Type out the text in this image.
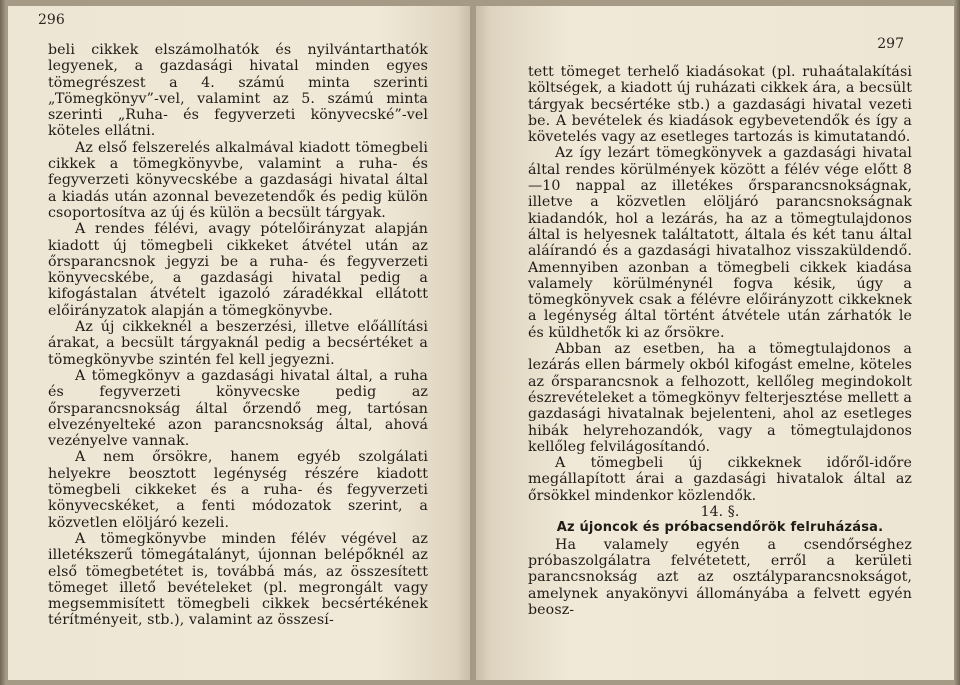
296

beli cikkek elszámolhatók és nyilvántarthatók legyenek, a gazdasági hivatal minden egyes tömegrészest a 4. számú minta szerinti „Tömegkönyv”-vel, valamint az 5. számú minta szerinti „Ruha- és fegyverzeti könyvecské”-vel köteles ellátni.

Az első felszerelés alkalmával kiadott tömegbeli cikkek a tömegkönyvbe, valamint a ruha- és fegyverzeti könyvecskébe a gazdasági hivatal által a kiadás után azonnal bevezetendők és pedig külön csoportosítva az új és külön a becsült tárgyak.

A rendes félévi, avagy pótelőirányzat alapján kiadott új tömegbeli cikkeket átvétel után az őrsparancsnok jegyzi be a ruha- és fegyverzeti könyvecskébe, a gazdasági hivatal pedig a kifogástalan átvételt igazoló záradékkal ellátott előirányzatok alapján a tömegkönyvbe.

Az új cikkeknél a beszerzési, illetve előállítási árakat, a becsült tárgyaknál pedig a becsértéket a tömegkönyvbe szintén fel kell jegyezni.

A tömegkönyv a gazdasági hivatal által, a ruha és fegyverzeti könyvecske pedig az őrsparancsnokság által őrzendő meg, tartósan elvezényelteké azon parancsnokság által, ahová vezényelve vannak.

A nem őrsökre, hanem egyéb szolgálati helyekre beosztott legénység részére kiadott tömegbeli cikkeket és a ruha- és fegyverzeti könyvecskéket, a fenti módozatok szerint, a közvetlen elöljáró kezeli.

A tömegkönyvbe minden félév végével az illetékszerű tömegátalányt, újonnan belépőknél az első tömegbetétet is, továbbá más, az összesített tömeget illető bevételeket (pl. megrongált vagy megsemmisített tömegbeli cikkek becsértékének térítményeit, stb.), valamint az összesí-

297

tett tömeget terhelő kiadásokat (pl. ruhaátalakítási költségek, a kiadott új ruházati cikkek ára, a becsült tárgyak becsértéke stb.) a gazdasági hivatal vezeti be. A bevételek és kiadások egybevetendők és így a követelés vagy az esetleges tartozás is kimutatandó.

Az így lezárt tömegkönyvek a gazdasági hivatal által rendes körülmények között a félév vége előtt 8—10 nappal az illetékes őrsparancsnokságnak, illetve a közvetlen elöljáró parancsnokságnak kiadandók, hol a lezárás, ha az a tömegtulajdonos által is helyesnek találtatott, általa és két tanu által aláírandó és a gazdasági hivatalhoz visszaküldendő. Amennyiben azonban a tömegbeli cikkek kiadása valamely körülménynél fogva késik, úgy a tömegkönyvek csak a félévre előirányzott cikkeknek a legénység által történt átvétele után zárhatók le és küldhetők ki az őrsökre.

Abban az esetben, ha a tömegtulajdonos a lezárás ellen bármely okból kifogást emelne, köteles az őrsparancsnok a felhozott, kellőleg megindokolt észrevételeket a tömegkönyv felterjesztése mellett a gazdasági hivatalnak bejelenteni, ahol az esetleges hibák helyrehozandók, vagy a tömegtulajdonos kellőleg felvilágosítandó.

A tömegbeli új cikkeknek időről-időre megállapított árai a gazdasági hivatalok által az őrsökkel mindenkor közlendők.

14. §.

Az újoncok és próbacsendőrök felruházása.

Ha valamely egyén a csendőrséghez próbaszolgálatra felvétetett, erről a kerületi parancsnokság azt az osztályparancsnokságot, amelynek anyakönyvi állományába a felvett egyén beosz-
